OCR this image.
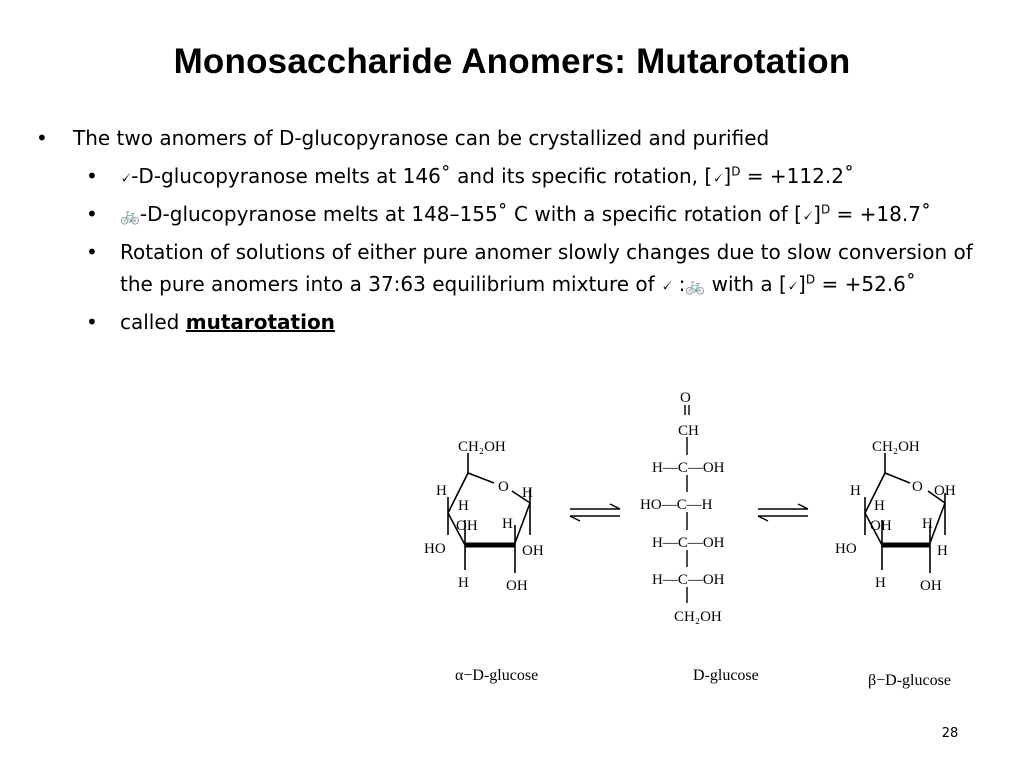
Monosaccharide Anomers: Mutarotation
• The two anomers of D-glucopyranose can be crystallized and purified
• 🗸-D-glucopyranose melts at 146˚ and its specific rotation, [🗸]$^D$ = +112.2˚
• 🚲-D-glucopyranose melts at 148–155˚ C with a specific rotation of [🗸]$^D$ = +18.7˚
• Rotation of solutions of either pure anomer slowly changes due to slow conversion of the pure anomers into a 37:63 equilibrium mixture of 🗸 :🚲 with a [🗸]$^D$ = +52.6˚
• called mutarotation
CH₂OH
O
H
H
H
H
H
OH
OH
OH
HO
O
CH
H—C—OH
HO—C—H
H—C—OH
H—C—OH
CH₂OH
CH₂OH
O
H
H
H
H
H
OH
OH
OH
HO
α−D-glucose	D-glucose	β−D-glucose
28
